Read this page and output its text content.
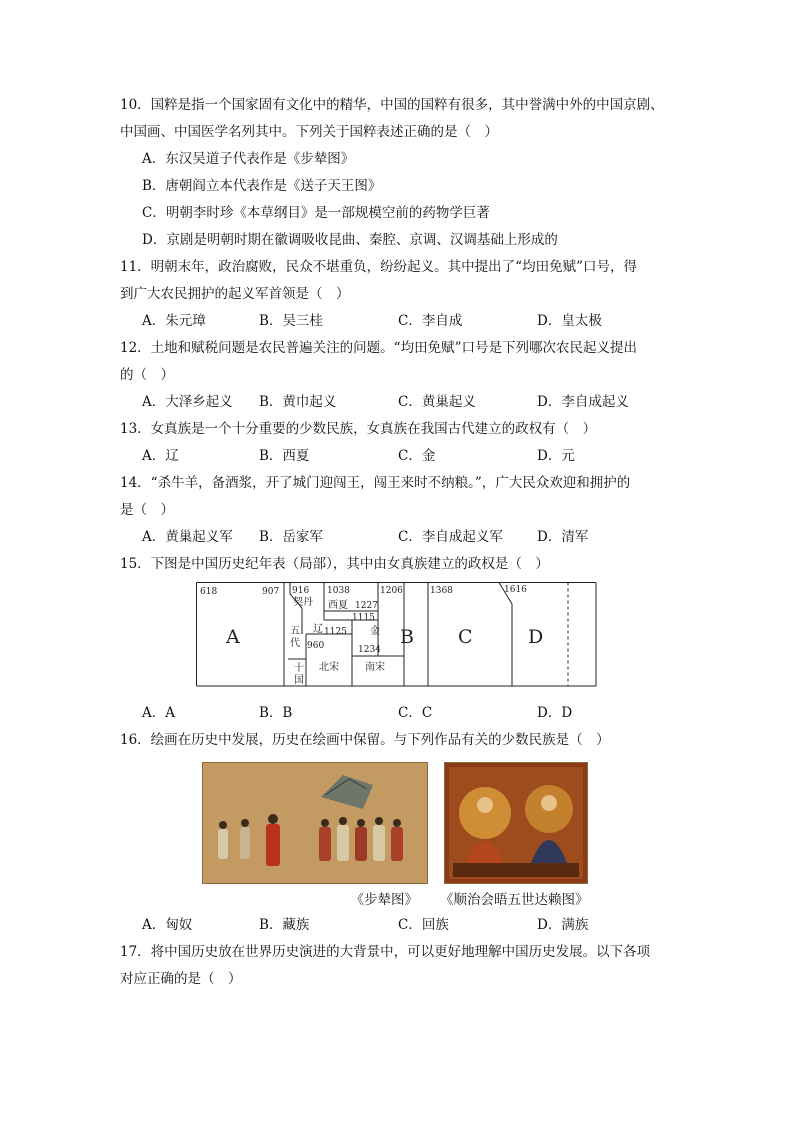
10．国粹是指一个国家固有文化中的精华，中国的国粹有很多，其中誉满中外的中国京剧、
中国画、中国医学名列其中。下列关于国粹表述正确的是（　）
A．东汉吴道子代表作是《步辇图》
B．唐朝阎立本代表作是《送子天王图》
C．明朝李时珍《本草纲目》是一部规模空前的药物学巨著
D．京剧是明朝时期在徽调吸收昆曲、秦腔、京调、汉调基础上形成的
11．明朝末年，政治腐败，民众不堪重负，纷纷起义。其中提出了“均田免赋”口号，得
到广大农民拥护的起义军首领是（　）
A．朱元璋	B．吴三桂	C．李自成	D．皇太极
12．土地和赋税问题是农民普遍关注的问题。“均田免赋”口号是下列哪次农民起义提出
的（　）
A．大泽乡起义	B．黄巾起义	C．黄巢起义	D．李自成起义
13．女真族是一个十分重要的少数民族，女真族在我国古代建立的政权有（　）
A．辽	B．西夏	C．金	D．元
14．“杀牛羊，备酒浆，开了城门迎闯王，闯王来时不纳粮。”，广大民众欢迎和拥护的
是（　）
A．黄巢起义军	B．岳家军	C．李自成起义军	D．清军
15．下图是中国历史纪年表（局部），其中由女真族建立的政权是（　）
618	907 916 1038	1206	1368	1616
1227
1115
1125
960	1234
契丹 西夏
辽	金
五
代
十
国
北宋	南宋
A	B C	D
A．A	B．B	C．C	D．D
16．绘画在历史中发展，历史在绘画中保留。与下列作品有关的少数民族是（　）
《步辇图》	《顺治会晤五世达赖图》
A．匈奴	B．藏族	C．回族	D．满族
17．将中国历史放在世界历史演进的大背景中，可以更好地理解中国历史发展。以下各项
对应正确的是（　）
